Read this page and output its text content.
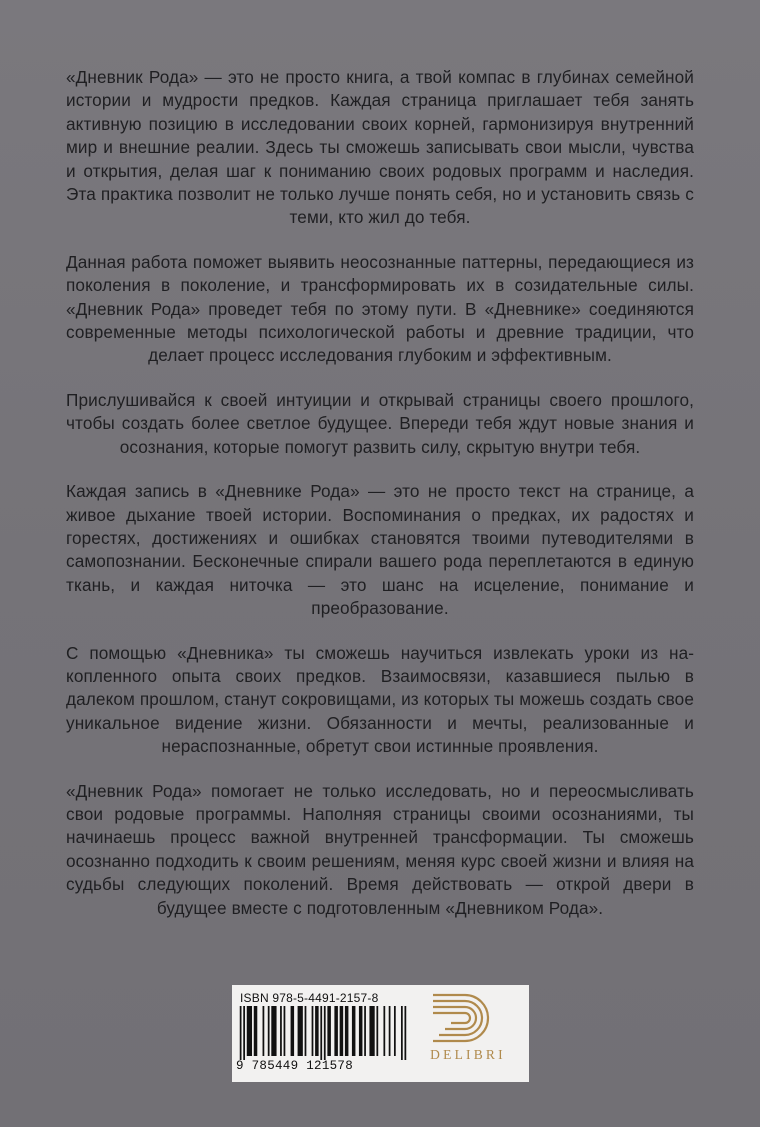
«Дневник Рода» — это не просто книга, а твой компас в глубинах семейной истории и мудрости предков. Каждая страница приглашает тебя занять активную позицию в исследовании своих корней, гармонизируя внутренний мир и внешние реалии. Здесь ты сможешь записывать свои мысли, чувства и открытия, делая шаг к пониманию своих родовых программ и наследия. Эта практика позволит не только лучше понять себя, но и установить связь с теми, кто жил до тебя.

Данная работа поможет выявить неосознанные паттерны, передающиеся из поколения в поколение, и трансформировать их в созидательные силы. «Дневник Рода» проведет тебя по этому пути. В «Дневнике» соединяются современные методы психологической работы и древние традиции, что делает процесс исследования глубоким и эффективным.

Прислушивайся к своей интуиции и открывай страницы своего прошлого, чтобы создать более светлое будущее. Впереди тебя ждут новые знания и осознания, которые помогут развить силу, скрытую внутри тебя.

Каждая запись в «Дневнике Рода» — это не просто текст на странице, а живое дыхание твоей истории. Воспоминания о предках, их радостях и горестях, достижениях и ошибках становятся твоими путеводителями в самопознании. Бесконечные спирали вашего рода переплетаются в единую ткань, и каждая ниточка — это шанс на исцеление, понимание и преобразование.

С помощью «Дневника» ты сможешь научиться извлекать уроки из накопленного опыта своих предков. Взаимосвязи, казавшиеся пылью в далеком прошлом, станут сокровищами, из которых ты можешь создать свое уникальное видение жизни. Обязанности и мечты, реализованные и нераспознанные, обретут свои истинные проявления.

«Дневник Рода» помогает не только исследовать, но и переосмысливать свои родовые программы. Наполняя страницы своими осознаниями, ты начинаешь процесс важной внутренней трансформации. Ты сможешь осознанно подходить к своим решениям, меняя курс своей жизни и влияя на судьбы следующих поколений. Время действовать — открой двери в будущее вместе с подготовленным «Дневником Рода».

ISBN 978-5-4491-2157-8
9 785449 121578
DELIBRI
